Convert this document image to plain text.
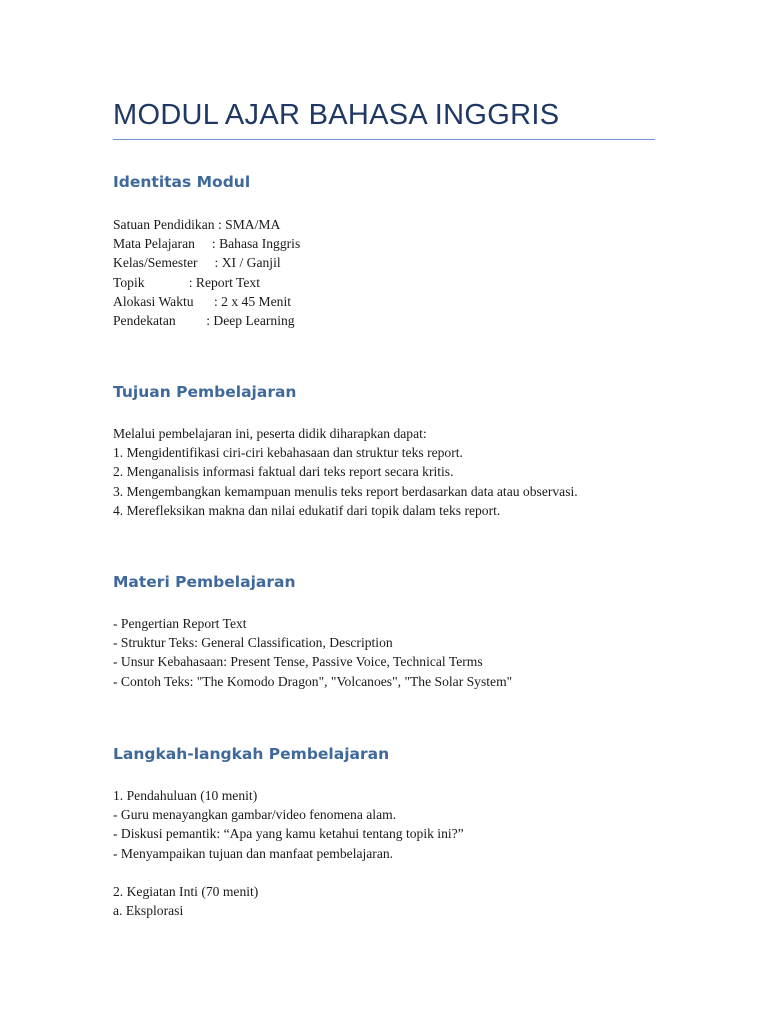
MODUL AJAR BAHASA INGGRIS
Identitas Modul
Satuan Pendidikan : SMA/MA
Mata Pelajaran     : Bahasa Inggris
Kelas/Semester     : XI / Ganjil
Topik             : Report Text
Alokasi Waktu      : 2 x 45 Menit
Pendekatan         : Deep Learning
Tujuan Pembelajaran
Melalui pembelajaran ini, peserta didik diharapkan dapat:
1. Mengidentifikasi ciri-ciri kebahasaan dan struktur teks report.
2. Menganalisis informasi faktual dari teks report secara kritis.
3. Mengembangkan kemampuan menulis teks report berdasarkan data atau observasi.
4. Merefleksikan makna dan nilai edukatif dari topik dalam teks report.
Materi Pembelajaran
- Pengertian Report Text
- Struktur Teks: General Classification, Description
- Unsur Kebahasaan: Present Tense, Passive Voice, Technical Terms
- Contoh Teks: "The Komodo Dragon", "Volcanoes", "The Solar System"
Langkah-langkah Pembelajaran
1. Pendahuluan (10 menit)
- Guru menayangkan gambar/video fenomena alam.
- Diskusi pemantik: “Apa yang kamu ketahui tentang topik ini?”
- Menyampaikan tujuan dan manfaat pembelajaran.
2. Kegiatan Inti (70 menit)
a. Eksplorasi
